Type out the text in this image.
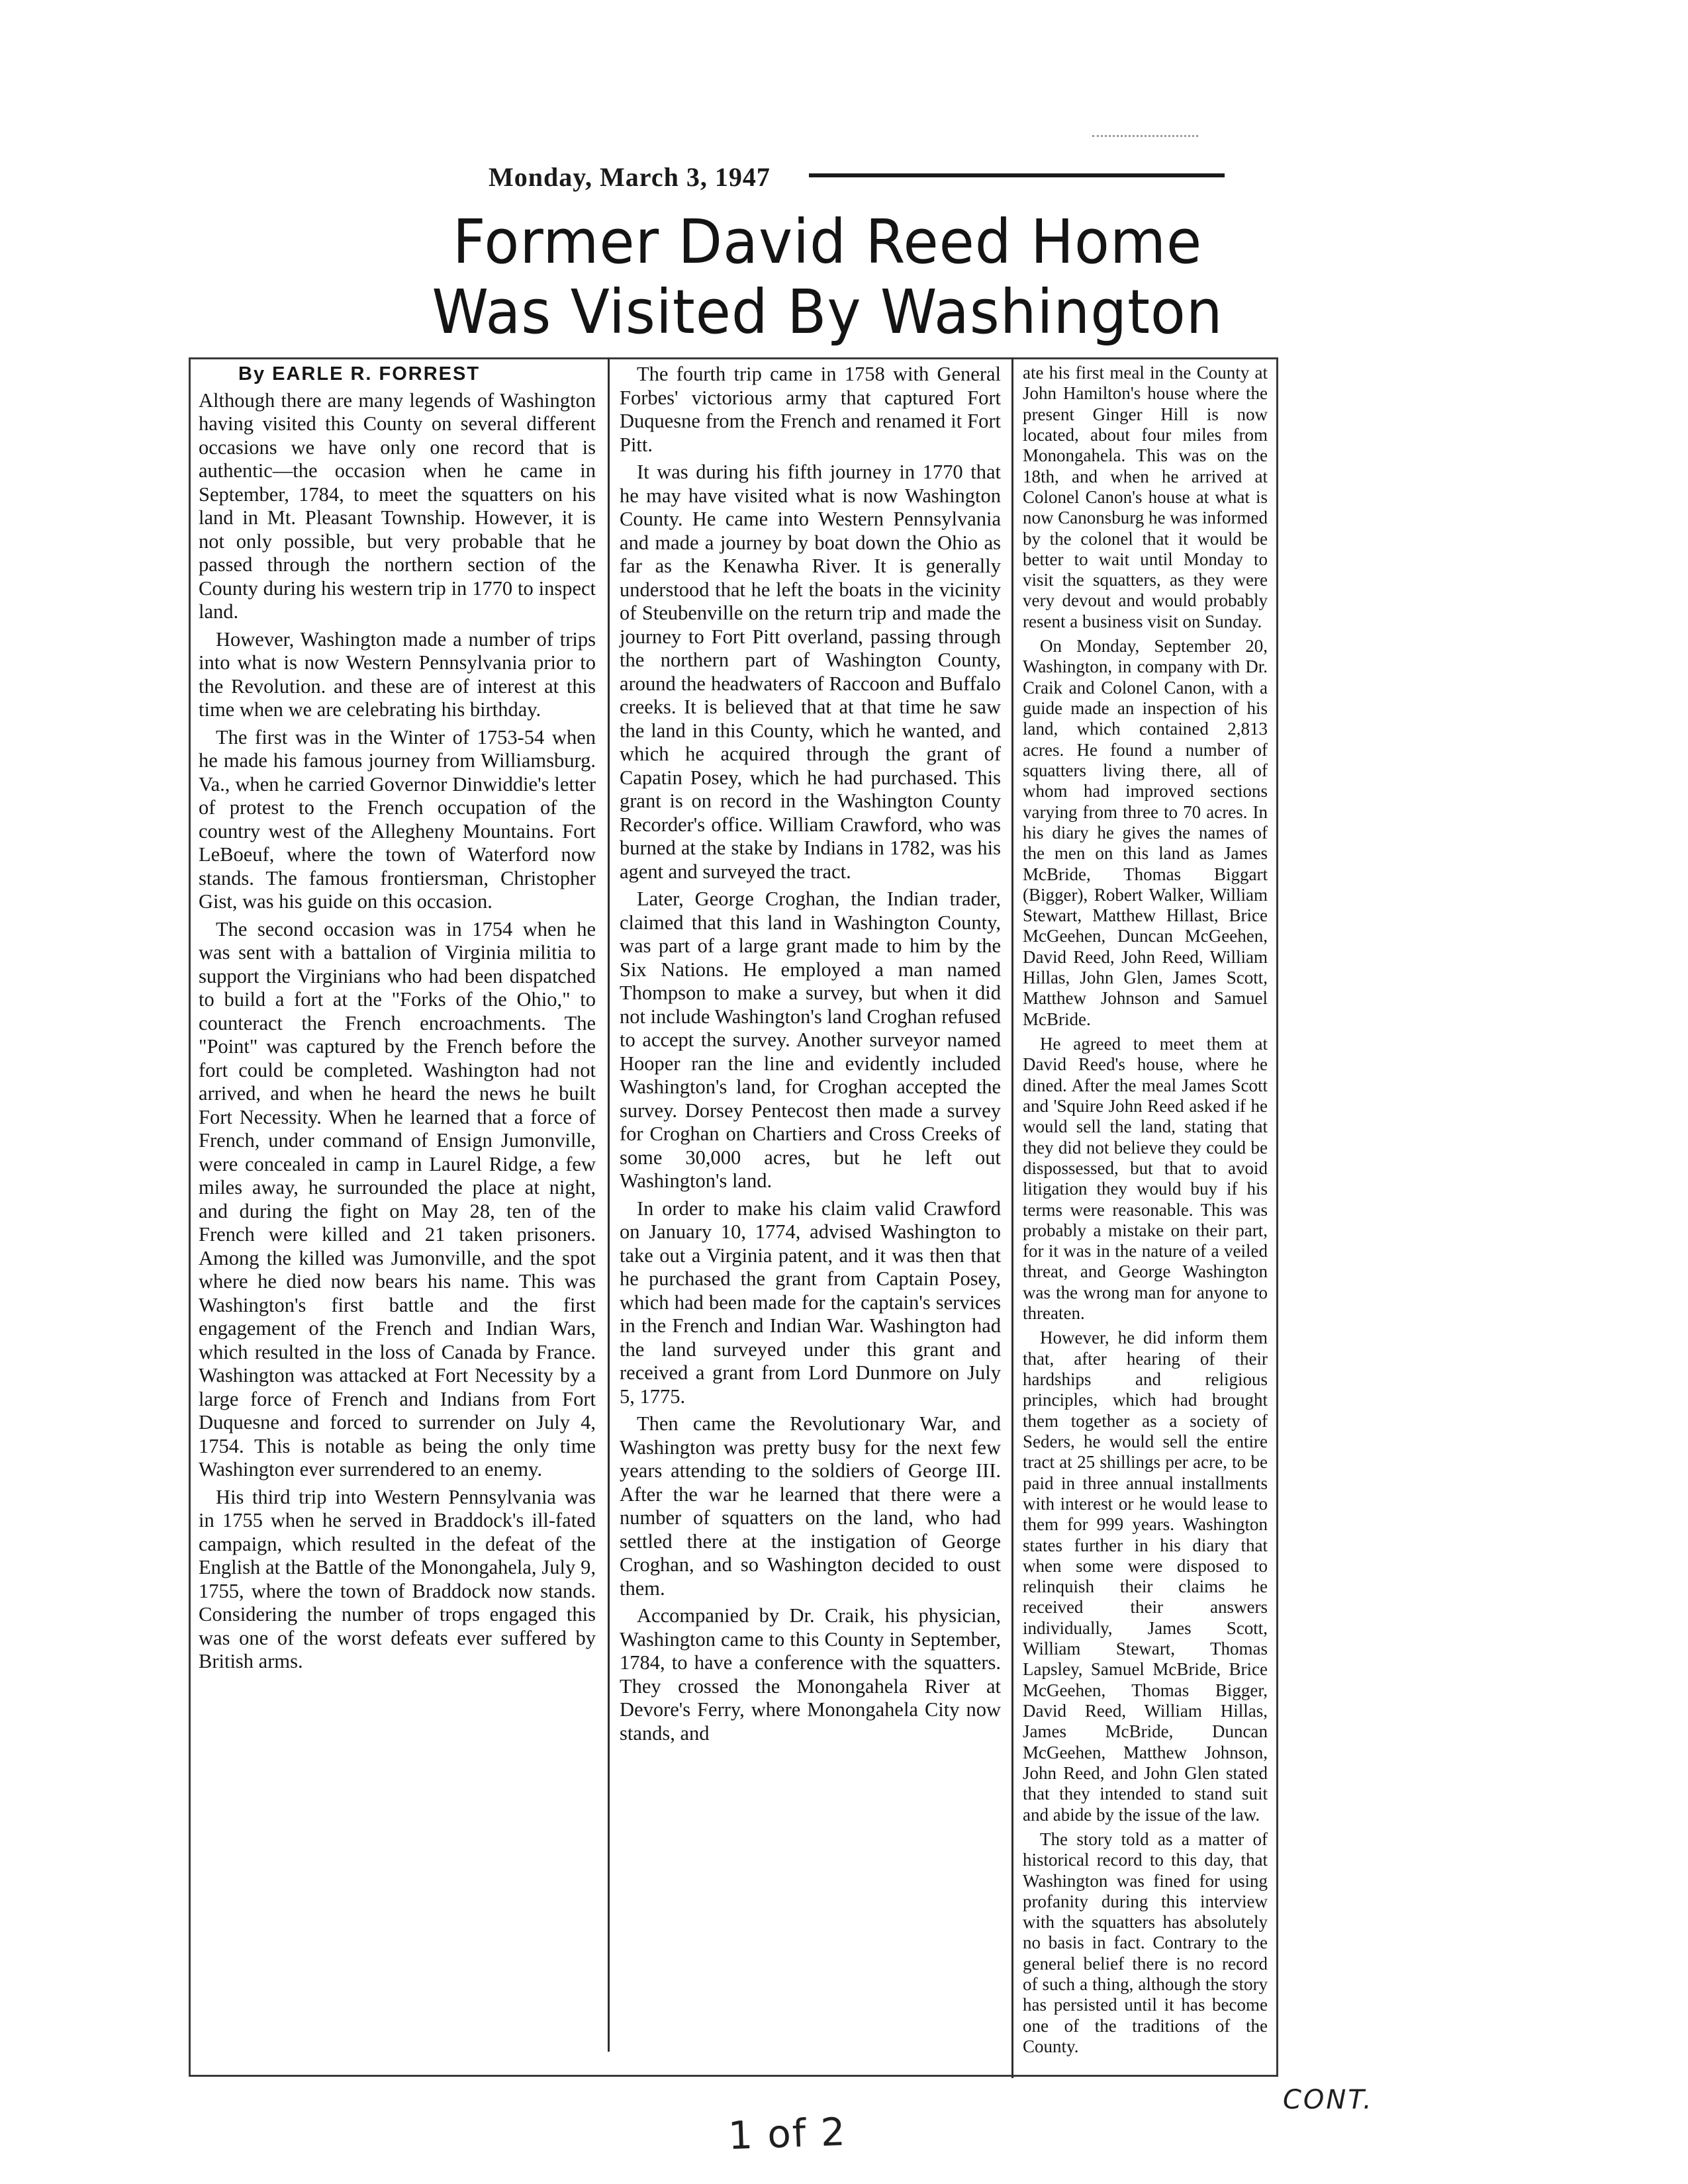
Monday, March 3, 1947
Former David Reed Home
Was Visited By Washington
By EARLE R. FORREST

Although there are many legends of Washington having visited this County on several different occasions we have only one record that is authentic—the occasion when he came in September, 1784, to meet the squatters on his land in Mt. Pleasant Township. However, it is not only possible, but very probable that he passed through the northern section of the County during his western trip in 1770 to inspect land.

However, Washington made a number of trips into what is now Western Pennsylvania prior to the Revolution. and these are of interest at this time when we are celebrating his birthday.

The first was in the Winter of 1753-54 when he made his famous journey from Williamsburg. Va., when he carried Governor Dinwiddie's letter of protest to the French occupation of the country west of the Allegheny Mountains. Fort LeBoeuf, where the town of Waterford now stands. The famous frontiersman, Christopher Gist, was his guide on this occasion.

The second occasion was in 1754 when he was sent with a battalion of Virginia militia to support the Virginians who had been dispatched to build a fort at the "Forks of the Ohio," to counteract the French encroachments. The "Point" was captured by the French before the fort could be completed. Washington had not arrived, and when he heard the news he built Fort Necessity. When he learned that a force of French, under command of Ensign Jumonville, were concealed in camp in Laurel Ridge, a few miles away, he surrounded the place at night, and during the fight on May 28, ten of the French were killed and 21 taken prisoners. Among the killed was Jumonville, and the spot where he died now bears his name. This was Washington's first battle and the first engagement of the French and Indian Wars, which resulted in the loss of Canada by France. Washington was attacked at Fort Necessity by a large force of French and Indians from Fort Duquesne and forced to surrender on July 4, 1754. This is notable as being the only time Washington ever surrendered to an enemy.

His third trip into Western Pennsylvania was in 1755 when he served in Braddock's ill-fated campaign, which resulted in the defeat of the English at the Battle of the Monongahela, July 9, 1755, where the town of Braddock now stands. Considering the number of trops engaged this was one of the worst defeats ever suffered by British arms.

The fourth trip came in 1758 with General Forbes' victorious army that captured Fort Duquesne from the French and renamed it Fort Pitt.

It was during his fifth journey in 1770 that he may have visited what is now Washington County. He came into Western Pennsylvania and made a journey by boat down the Ohio as far as the Kenawha River. It is generally understood that he left the boats in the vicinity of Steubenville on the return trip and made the journey to Fort Pitt overland, passing through the northern part of Washington County, around the headwaters of Raccoon and Buffalo creeks. It is believed that at that time he saw the land in this County, which he wanted, and which he acquired through the grant of Capatin Posey, which he had purchased. This grant is on record in the Washington County Recorder's office. William Crawford, who was burned at the stake by Indians in 1782, was his agent and surveyed the tract.

Later, George Croghan, the Indian trader, claimed that this land in Washington County, was part of a large grant made to him by the Six Nations. He employed a man named Thompson to make a survey, but when it did not include Washington's land Croghan refused to accept the survey. Another surveyor named Hooper ran the line and evidently included Washington's land, for Croghan accepted the survey. Dorsey Pentecost then made a survey for Croghan on Chartiers and Cross Creeks of some 30,000 acres, but he left out Washington's land.

In order to make his claim valid Crawford on January 10, 1774, advised Washington to take out a Virginia patent, and it was then that he purchased the grant from Captain Posey, which had been made for the captain's services in the French and Indian War. Washington had the land surveyed under this grant and received a grant from Lord Dunmore on July 5, 1775.

Then came the Revolutionary War, and Washington was pretty busy for the next few years attending to the soldiers of George III. After the war he learned that there were a number of squatters on the land, who had settled there at the instigation of George Croghan, and so Washington decided to oust them.

Accompanied by Dr. Craik, his physician, Washington came to this County in September, 1784, to have a conference with the squatters. They crossed the Monongahela River at Devore's Ferry, where Monongahela City now stands, and

ate his first meal in the County at John Hamilton's house where the present Ginger Hill is now located, about four miles from Monongahela. This was on the 18th, and when he arrived at Colonel Canon's house at what is now Canonsburg he was informed by the colonel that it would be better to wait until Monday to visit the squatters, as they were very devout and would probably resent a business visit on Sunday.

On Monday, September 20, Washington, in company with Dr. Craik and Colonel Canon, with a guide made an inspection of his land, which contained 2,813 acres. He found a number of squatters living there, all of whom had improved sections varying from three to 70 acres. In his diary he gives the names of the men on this land as James McBride, Thomas Biggart (Bigger), Robert Walker, William Stewart, Matthew Hillast, Brice McGeehen, Duncan McGeehen, David Reed, John Reed, William Hillas, John Glen, James Scott, Matthew Johnson and Samuel McBride.

He agreed to meet them at David Reed's house, where he dined. After the meal James Scott and 'Squire John Reed asked if he would sell the land, stating that they did not believe they could be dispossessed, but that to avoid litigation they would buy if his terms were reasonable. This was probably a mistake on their part, for it was in the nature of a veiled threat, and George Washington was the wrong man for anyone to threaten.

However, he did inform them that, after hearing of their hardships and religious principles, which had brought them together as a society of Seders, he would sell the entire tract at 25 shillings per acre, to be paid in three annual installments with interest or he would lease to them for 999 years. Washington states further in his diary that when some were disposed to relinquish their claims he received their answers individually, James Scott, William Stewart, Thomas Lapsley, Samuel McBride, Brice McGeehen, Thomas Bigger, David Reed, William Hillas, James McBride, Duncan McGeehen, Matthew Johnson, John Reed, and John Glen stated that they intended to stand suit and abide by the issue of the law.

The story told as a matter of historical record to this day, that Washington was fined for using profanity during this interview with the squatters has absolutely no basis in fact. Contrary to the general belief there is no record of such a thing, although the story has persisted until it has become one of the traditions of the County.

1 of 2
CONT.
